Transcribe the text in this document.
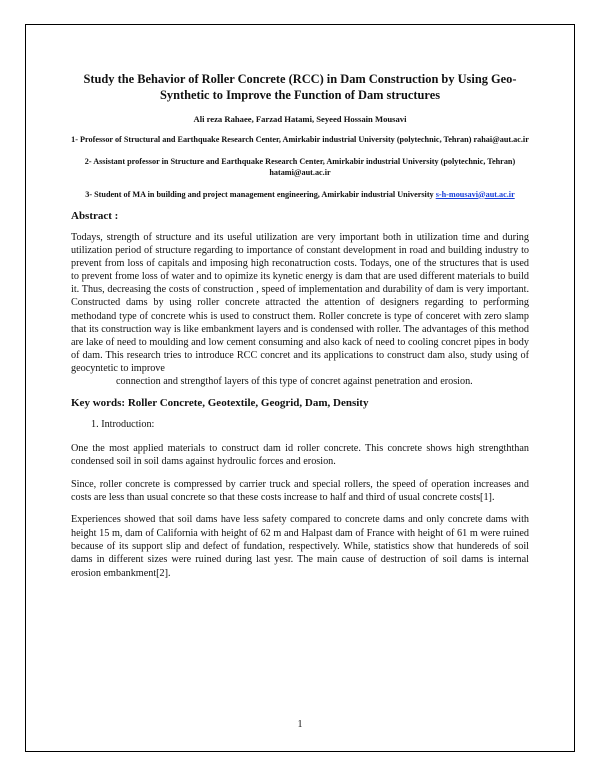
Study the Behavior of Roller Concrete (RCC) in Dam Construction by Using Geo-Synthetic to Improve the Function of Dam structures
Ali reza Rahaee, Farzad Hatami, Seyeed Hossain Mousavi
1- Professor of Structural and Earthquake Research Center, Amirkabir industrial University (polytechnic, Tehran) rahai@aut.ac.ir
2- Assistant professor in Structure and Earthquake Research Center, Amirkabir industrial University (polytechnic, Tehran) hatami@aut.ac.ir
3- Student of MA in building and project management engineering, Amirkabir industrial University s-h-mousavi@aut.ac.ir
Abstract :

Todays, strength of structure and its useful utilization are very important both in utilization time and during utilization period of structure regarding to importance of constant development in road and building industry to prevent from loss of capitals and imposing high reconatruction costs. Todays, one of the structures that is used to prevent frome loss of water and to opimize its kynetic energy is dam that are used different materials to build it. Thus, decreasing the costs of construction , speed of implementation and durability of dam is very important. Constructed dams by using roller concrete attracted the attention of designers regarding to performing methodand type of concrete whis is used to construct them. Roller concrete is type of conceret with zero slamp that its construction way is like embankment layers and is condensed with roller. The advantages of this method are lake of need to moulding and low cement consuming and also kack of need to cooling concret pipes in body of dam. This research tries to introduce RCC concret and its applications to construct dam also, study using of geocyntetic to improve
connection and strengthof layers of this type of concret against penetration and erosion.

Key words: Roller Concrete, Geotextile, Geogrid, Dam, Density
1. Introduction:

One the most applied materials to construct dam id roller concrete. This concrete shows high strengththan condensed soil in soil dams against hydroulic forces and erosion.

Since, roller concrete is compressed by carrier truck and special rollers, the speed of operation increases and costs are less than usual concrete so that these costs increase to half and third of usual concrete costs[1].

Experiences showed that soil dams have less safety compared to concrete dams and only concrete dams with height 15 m, dam of California with height of 62 m and Halpast dam of France with height of 61 m were ruined because of its support slip and defect of fundation, respectively. While, statistics show that hundereds of soil dams in different sizes were ruined during last yesr. The main cause of destruction of soil dams is internal erosion embankment[2].

1
